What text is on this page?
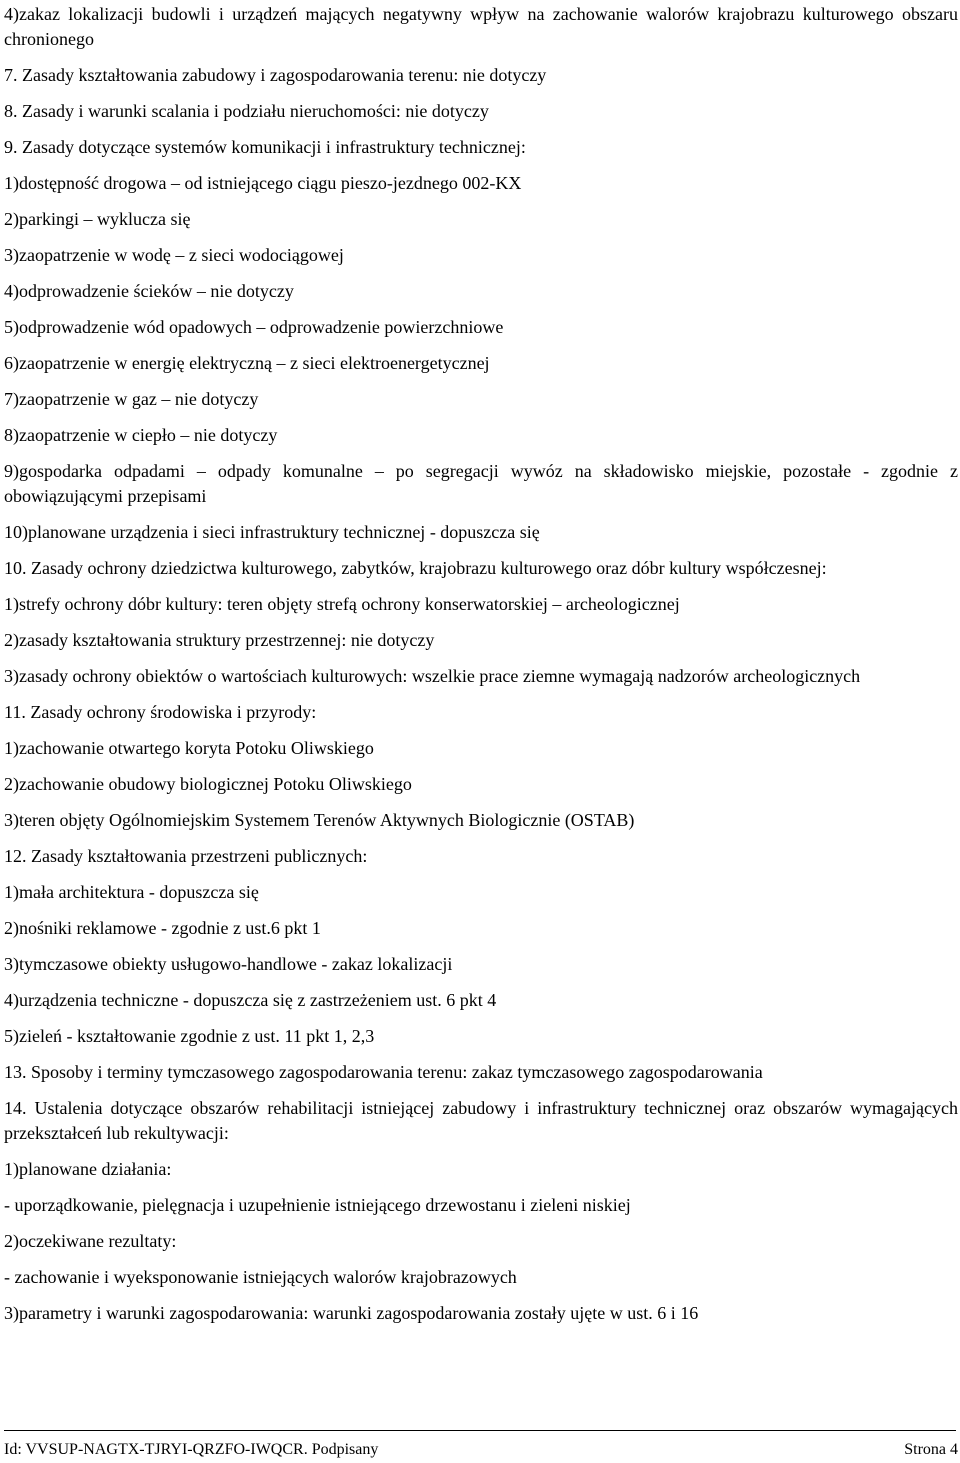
4)zakaz lokalizacji budowli i urządzeń mających negatywny wpływ na zachowanie walorów krajobrazu kulturowego obszaru chronionego

7. Zasady kształtowania zabudowy i zagospodarowania terenu: nie dotyczy

8. Zasady i warunki scalania i podziału nieruchomości: nie dotyczy

9. Zasady dotyczące systemów komunikacji i infrastruktury technicznej:

1)dostępność drogowa – od istniejącego ciągu pieszo-jezdnego 002-KX

2)parkingi – wyklucza się

3)zaopatrzenie w wodę – z sieci wodociągowej

4)odprowadzenie ścieków – nie dotyczy

5)odprowadzenie wód opadowych – odprowadzenie powierzchniowe

6)zaopatrzenie w energię elektryczną – z sieci elektroenergetycznej

7)zaopatrzenie w gaz – nie dotyczy

8)zaopatrzenie w ciepło – nie dotyczy

9)gospodarka odpadami – odpady komunalne – po segregacji wywóz na składowisko miejskie, pozostałe - zgodnie z obowiązującymi przepisami

10)planowane urządzenia i sieci infrastruktury technicznej - dopuszcza się

10. Zasady ochrony dziedzictwa kulturowego, zabytków, krajobrazu kulturowego oraz dóbr kultury współczesnej:

1)strefy ochrony dóbr kultury: teren objęty strefą ochrony konserwatorskiej – archeologicznej

2)zasady kształtowania struktury przestrzennej: nie dotyczy

3)zasady ochrony obiektów o wartościach kulturowych: wszelkie prace ziemne wymagają nadzorów archeologicznych

11. Zasady ochrony środowiska i przyrody:

1)zachowanie otwartego koryta Potoku Oliwskiego

2)zachowanie obudowy biologicznej Potoku Oliwskiego

3)teren objęty Ogólnomiejskim Systemem Terenów Aktywnych Biologicznie (OSTAB)

12. Zasady kształtowania przestrzeni publicznych:

1)mała architektura - dopuszcza się

2)nośniki reklamowe - zgodnie z ust.6 pkt 1

3)tymczasowe obiekty usługowo-handlowe - zakaz lokalizacji

4)urządzenia techniczne - dopuszcza się z zastrzeżeniem ust. 6 pkt 4

5)zieleń - kształtowanie zgodnie z ust. 11 pkt 1, 2,3

13. Sposoby i terminy tymczasowego zagospodarowania terenu: zakaz tymczasowego zagospodarowania

14. Ustalenia dotyczące obszarów rehabilitacji istniejącej zabudowy i infrastruktury technicznej oraz obszarów wymagających przekształceń lub rekultywacji:

1)planowane działania:

- uporządkowanie, pielęgnacja i uzupełnienie istniejącego drzewostanu i zieleni niskiej

2)oczekiwane rezultaty:

- zachowanie i wyeksponowanie istniejących walorów krajobrazowych

3)parametry i warunki zagospodarowania: warunki zagospodarowania zostały ujęte w ust. 6 i 16

Id: VVSUP-NAGTX-TJRYI-QRZFO-IWQCR. Podpisany	Strona 4
